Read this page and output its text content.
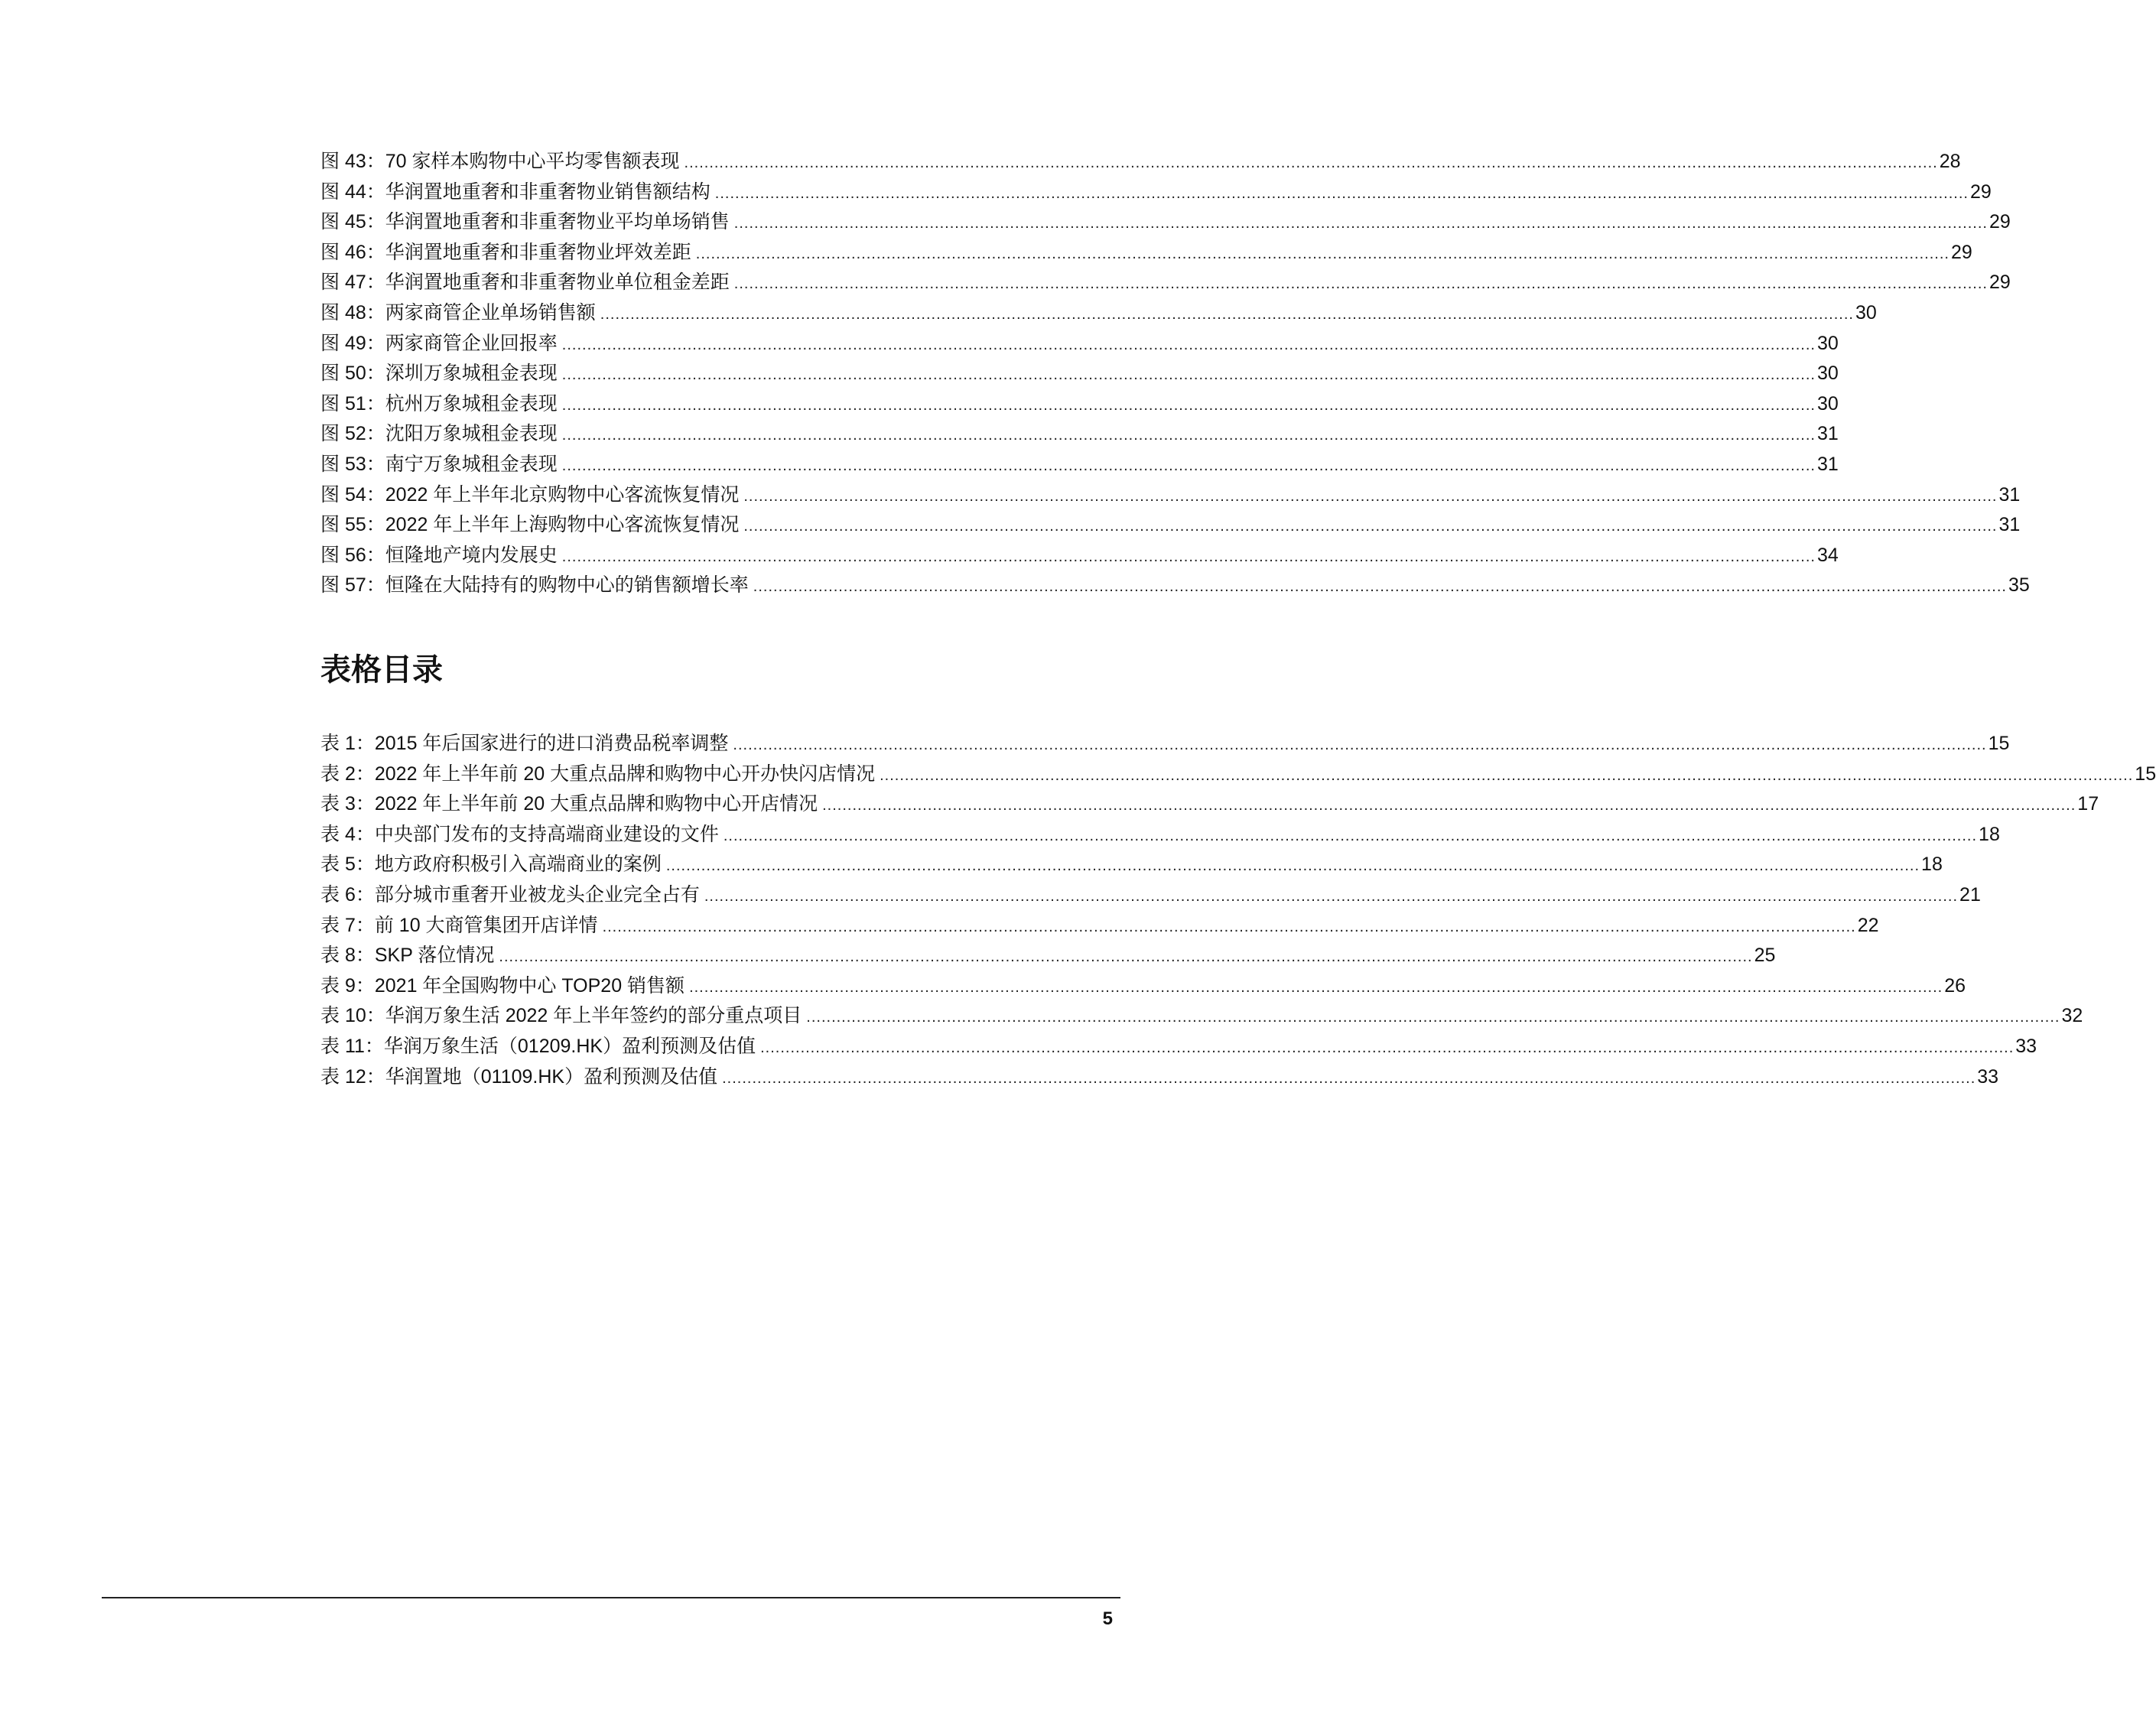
图 43： 70 家样本购物中心平均零售额表现 .....	28
图 44： 华润置地重奢和非重奢物业销售额结构 .....	29
图 45： 华润置地重奢和非重奢物业平均单场销售 .....	29
图 46： 华润置地重奢和非重奢物业坪效差距 .....	29
图 47： 华润置地重奢和非重奢物业单位租金差距 .....	29
图 48： 两家商管企业单场销售额 .....	30
图 49： 两家商管企业回报率 .....	30
图 50： 深圳万象城租金表现 .....	30
图 51： 杭州万象城租金表现 .....	30
图 52： 沈阳万象城租金表现 .....	31
图 53： 南宁万象城租金表现 .....	31
图 54： 2022 年上半年北京购物中心客流恢复情况 .....	31
图 55： 2022 年上半年上海购物中心客流恢复情况 .....	31
图 56： 恒隆地产境内发展史 .....	34
图 57： 恒隆在大陆持有的购物中心的销售额增长率 .....	35
表格目录
表 1： 2015 年后国家进行的进口消费品税率调整 .....	15
表 2： 2022 年上半年前 20 大重点品牌和购物中心开办快闪店情况 .....	15
表 3： 2022 年上半年前 20 大重点品牌和购物中心开店情况 .....	17
表 4： 中央部门发布的支持高端商业建设的文件 .....	18
表 5： 地方政府积极引入高端商业的案例 .....	18
表 6： 部分城市重奢开业被龙头企业完全占有 .....	21
表 7： 前 10 大商管集团开店详情 .....	22
表 8： SKP 落位情况 .....	25
表 9： 2021 年全国购物中心 TOP20 销售额 .....	26
表 10： 华润万象生活 2022 年上半年签约的部分重点项目 .....	32
表 11： 华润万象生活（01209.HK）盈利预测及估值 .....	33
表 12： 华润置地（01109.HK）盈利预测及估值 .....	33
5
